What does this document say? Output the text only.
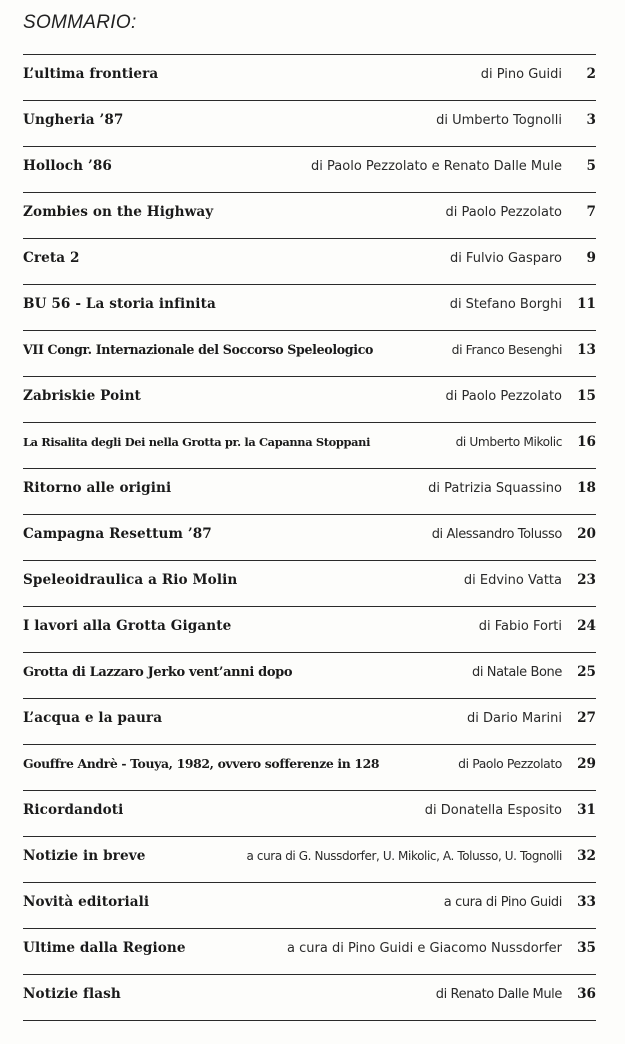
SOMMARIO:
L’ultima frontiera	di Pino Guidi	2
Ungheria ’87	di Umberto Tognolli	3
Holloch ’86	di Paolo Pezzolato e Renato Dalle Mule	5
Zombies on the Highway	di Paolo Pezzolato	7
Creta 2	di Fulvio Gasparo	9
BU 56 - La storia infinita	di Stefano Borghi	11
VII Congr. Internazionale del Soccorso Speleologico	di Franco Besenghi	13
Zabriskie Point	di Paolo Pezzolato	15
La Risalita degli Dei nella Grotta pr. la Capanna Stoppani	di Umberto Mikolic	16
Ritorno alle origini	di Patrizia Squassino	18
Campagna Resettum ’87	di Alessandro Tolusso	20
Speleoidraulica a Rio Molin	di Edvino Vatta	23
I lavori alla Grotta Gigante	di Fabio Forti	24
Grotta di Lazzaro Jerko vent’anni dopo	di Natale Bone	25
L’acqua e la paura	di Dario Marini	27
Gouffre Andrè - Touya, 1982, ovvero sofferenze in 128	di Paolo Pezzolato	29
Ricordandoti	di Donatella Esposito	31
Notizie in breve	a cura di G. Nussdorfer, U. Mikolic, A. Tolusso, U. Tognolli	32
Novità editoriali	a cura di Pino Guidi	33
Ultime dalla Regione	a cura di Pino Guidi e Giacomo Nussdorfer	35
Notizie flash	di Renato Dalle Mule	36
